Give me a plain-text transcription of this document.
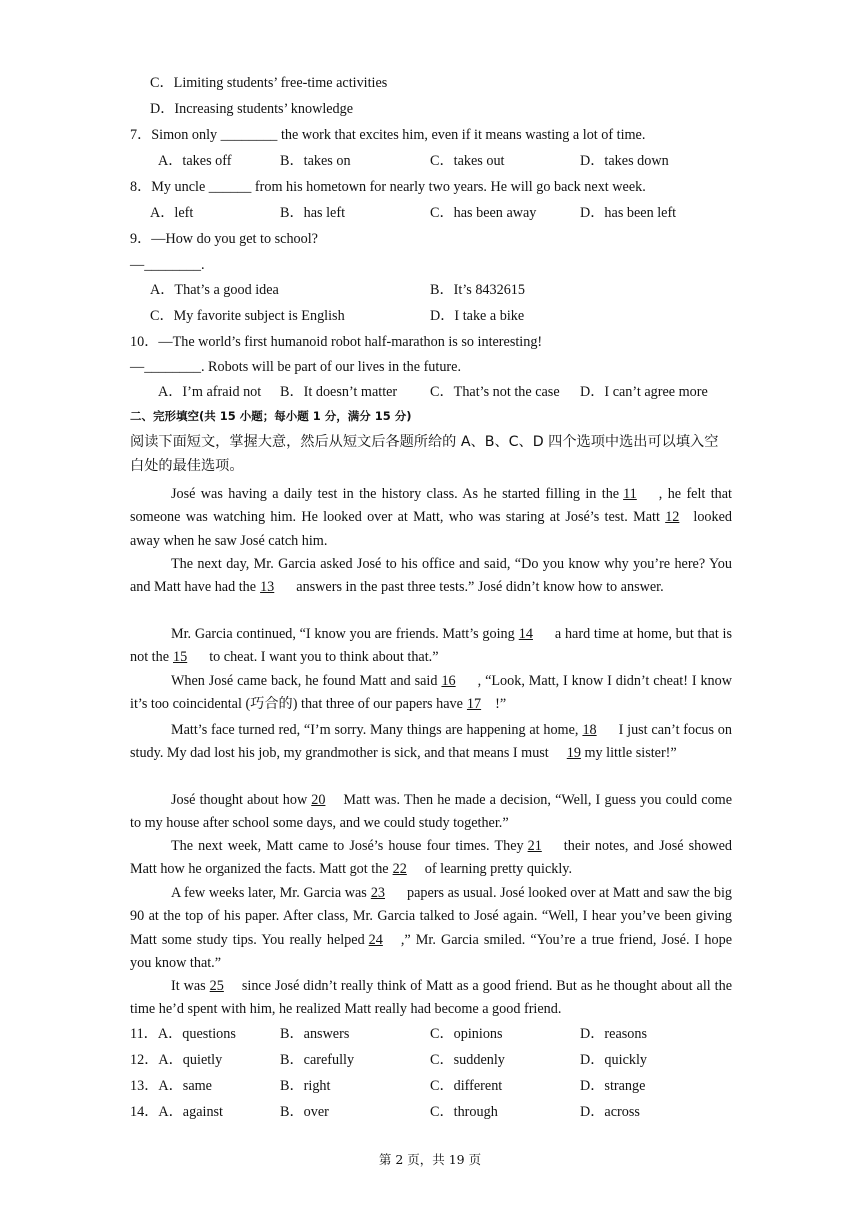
C．Limiting students’ free-time activities
D．Increasing students’ knowledge
7．Simon only ________ the work that excites him, even if it means wasting a lot of time.
A．takes off	B．takes on	C．takes out	D．takes down
8．My uncle ______ from his hometown for nearly two years. He will go back next week.
A．left	B．has left	C．has been away	D．has been left
9．—How do you get to school?
—________.
A．That’s a good idea	B．It’s 8432615
C．My favorite subject is English	D．I take a bike
10．—The world’s first humanoid robot half-marathon is so interesting!
—________. Robots will be part of our lives in the future.
A．I’m afraid not B．It doesn’t matter C．That’s not the case D．I can’t agree more
二、完形填空(共 15 小题；每小题 1 分，满分 15 分)
阅读下面短文，掌握大意，然后从短文后各题所给的 A、B、C、D 四个选项中选出可以填入空白处的最佳选项。
José was having a daily test in the history class. As he started filling in the 11 , he felt that someone was watching him. He looked over at Matt, who was staring at José’s test. Matt 12 looked away when he saw José catch him.
The next day, Mr. Garcia asked José to his office and said, “Do you know why you’re here? You and Matt have had the 13 answers in the past three tests.” José didn’t know how to answer.
Mr. Garcia continued, “I know you are friends. Matt’s going 14 a hard time at home, but that is not the 15 to cheat. I want you to think about that.”
When José came back, he found Matt and said 16 , “Look, Matt, I know I didn’t cheat! I know it’s too coincidental (巧合的) that three of our papers have 17 !”
Matt’s face turned red, “I’m sorry. Many things are happening at home, 18 I just can’t focus on study. My dad lost his job, my grandmother is sick, and that means I must 19 my little sister!”
José thought about how 20 Matt was. Then he made a decision, “Well, I guess you could come to my house after school some days, and we could study together.”
The next week, Matt came to José’s house four times. They 21 their notes, and José showed Matt how he organized the facts. Matt got the 22 of learning pretty quickly.
A few weeks later, Mr. Garcia was 23 papers as usual. José looked over at Matt and saw the big 90 at the top of his paper. After class, Mr. Garcia talked to José again. “Well, I hear you’ve been giving Matt some study tips. You really helped 24 ,” Mr. Garcia smiled. “You’re a true friend, José. I hope you know that.”
It was 25 since José didn’t really think of Matt as a good friend. But as he thought about all the time he’d spent with him, he realized Matt really had become a good friend.
11．A．questions	B．answers	C．opinions	D．reasons
12．A．quietly	B．carefully	C．suddenly	D．quickly
13．A．same	B．right	C．different	D．strange
14．A．against	B．over	C．through	D．across
第 2 页，共 19 页
